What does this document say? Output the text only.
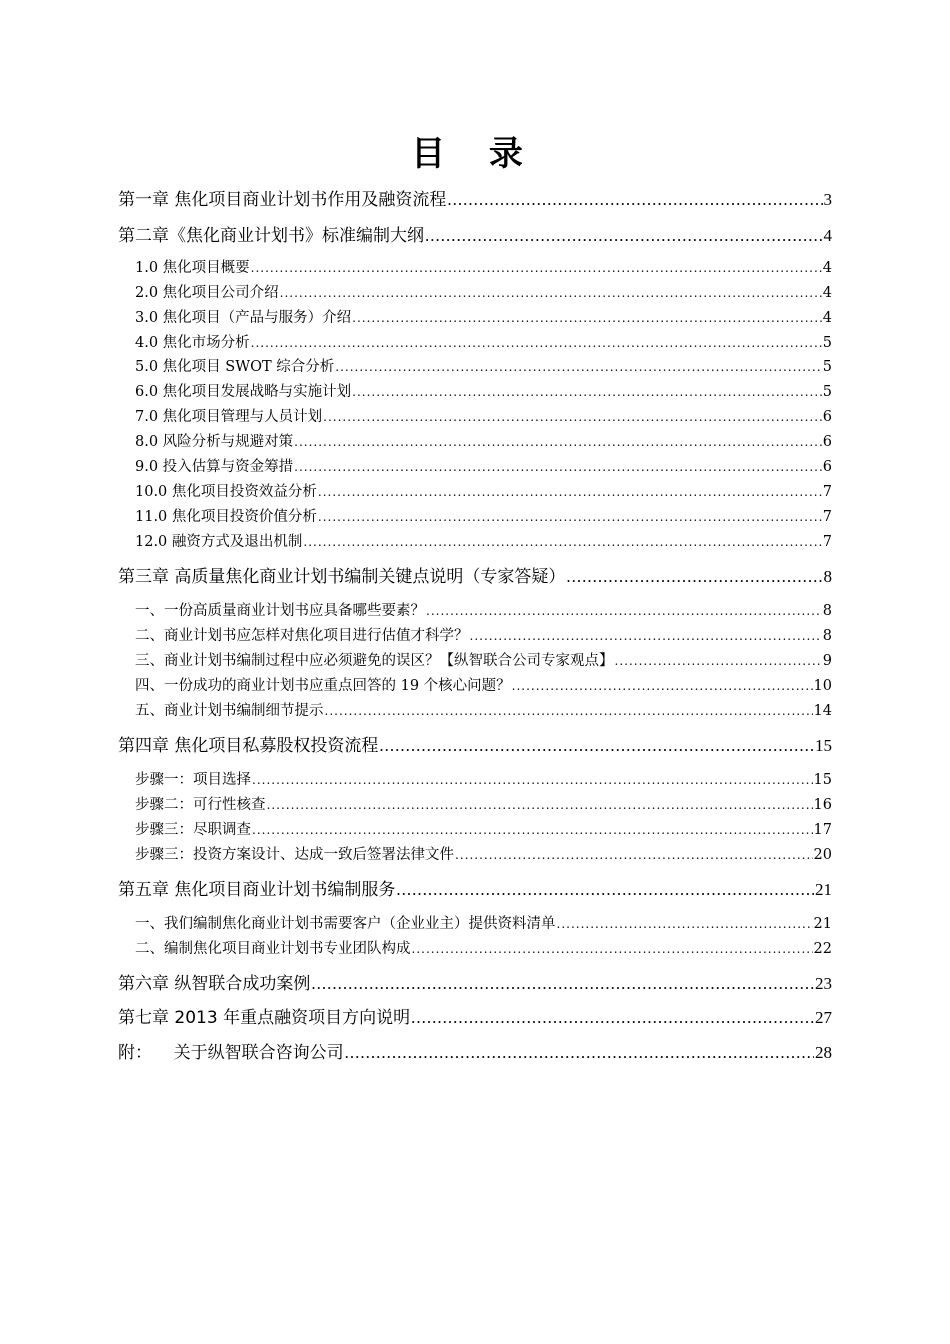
目 录
第一章 焦化项目商业计划书作用及融资流程 .....	3
第二章《焦化商业计划书》标准编制大纲 .....	4
1.0 焦化项目概要 .....	4
2.0 焦化项目公司介绍 .....	4
3.0 焦化项目（产品与服务）介绍 .....	4
4.0 焦化市场分析 .....	5
5.0 焦化项目 SWOT 综合分析 .....	5
6.0 焦化项目发展战略与实施计划 .....	5
7.0 焦化项目管理与人员计划 .....	6
8.0 风险分析与规避对策 .....	6
9.0 投入估算与资金筹措 .....	6
10.0 焦化项目投资效益分析 .....	7
11.0 焦化项目投资价值分析 .....	7
12.0 融资方式及退出机制 .....	7
第三章 高质量焦化商业计划书编制关键点说明（专家答疑） .....	8
一、一份高质量商业计划书应具备哪些要素？ .....	8
二、商业计划书应怎样对焦化项目进行估值才科学？ .....	8
三、商业计划书编制过程中应必须避免的误区？【纵智联合公司专家观点】 .....	9
四、一份成功的商业计划书应重点回答的 19 个核心问题？ .....	10
五、商业计划书编制细节提示 .....	14
第四章 焦化项目私募股权投资流程 .....	15
步骤一：项目选择 .....	15
步骤二：可行性核查 .....	16
步骤三：尽职调查 .....	17
步骤三：投资方案设计、达成一致后签署法律文件 .....	20
第五章 焦化项目商业计划书编制服务 .....	21
一、我们编制焦化商业计划书需要客户（企业业主）提供资料清单 .....	21
二、编制焦化项目商业计划书专业团队构成 .....	22
第六章 纵智联合成功案例 .....	23
第七章 2013 年重点融资项目方向说明 .....	27
附：    关于纵智联合咨询公司 .....	28
